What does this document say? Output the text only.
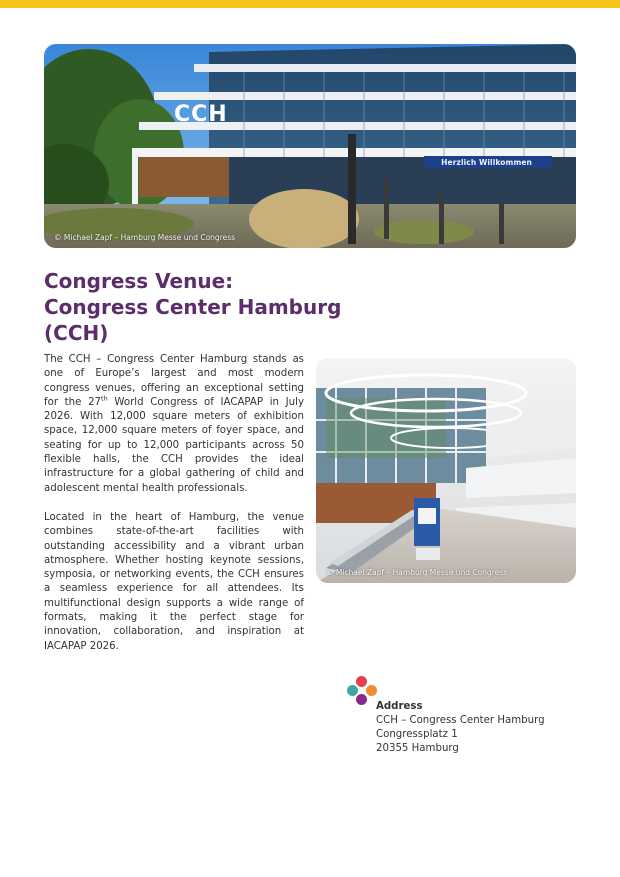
CCH
Herzlich Willkommen
© Michael Zapf – Hamburg Messe und Congress
Congress Venue:
Congress Center Hamburg
(CCH)

The CCH – Congress Center Hamburg stands as one of Europe’s largest and most modern congress venues, offering an exceptional setting for the 27th World Congress of IACAPAP in July 2026. With 12,000 square meters of exhibition space, 12,000 square meters of foyer space, and seating for up to 12,000 participants across 50 flexible halls, the CCH provides the ideal infrastructure for a global gathering of child and adolescent mental health professionals.

Located in the heart of Hamburg, the venue combines state-of-the-art facilities with outstanding accessibility and a vibrant urban atmosphere. Whether hosting keynote sessions, symposia, or networking events, the CCH ensures a seamless experience for all attendees. Its multifunctional design supports a wide range of formats, making it the perfect stage for innovation, collaboration, and inspiration at IACAPAP 2026.

© Michael Zapf – Hamburg Messe und Congress
Address
CCH – Congress Center Hamburg
Congressplatz 1
20355 Hamburg
